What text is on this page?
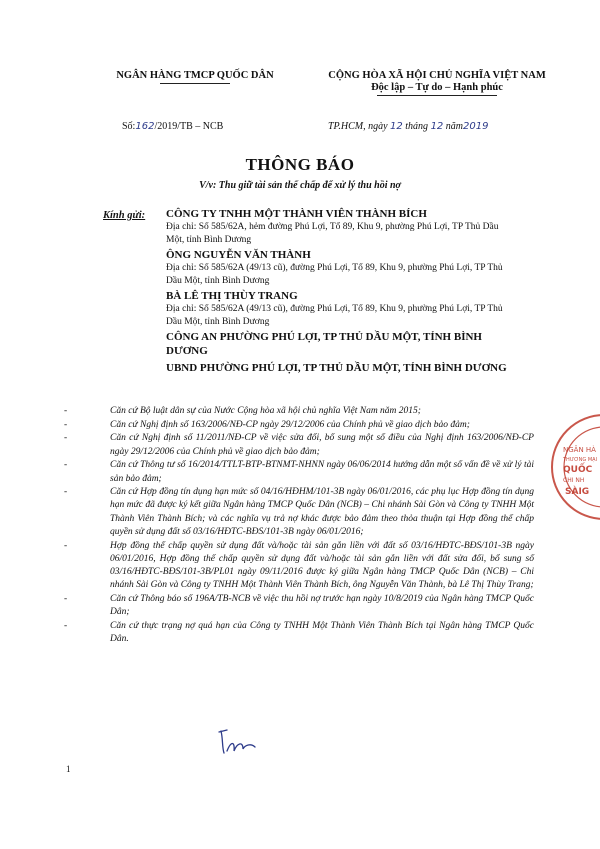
NGÂN HÀNG TMCP QUỐC DÂN	CỘNG HÒA XÃ HỘI CHỦ NGHĨA VIỆT NAM
Độc lập – Tự do – Hạnh phúc
Số:162/2019/TB – NCB	TP.HCM, ngày 12 tháng 12 năm2019
THÔNG BÁO
V/v: Thu giữ tài sản thế chấp để xử lý thu hồi nợ
Kính gửi: CÔNG TY TNHH MỘT THÀNH VIÊN THÀNH BÍCH
Địa chỉ: Số 585/62A, hẻm đường Phú Lợi, Tổ 89, Khu 9, phường Phú Lợi, TP Thủ Dầu Một, tỉnh Bình Dương
ÔNG NGUYỄN VĂN THÀNH
Địa chỉ: Số 585/62A (49/13 cũ), đường Phú Lợi, Tổ 89, Khu 9, phường Phú Lợi, TP Thủ Dầu Một, tỉnh Bình Dương
BÀ LÊ THỊ THÙY TRANG
Địa chỉ: Số 585/62A (49/13 cũ), đường Phú Lợi, Tổ 89, Khu 9, phường Phú Lợi, TP Thủ Dầu Một, tỉnh Bình Dương
CÔNG AN PHƯỜNG PHÚ LỢI, TP THỦ DẦU MỘT, TỈNH BÌNH DƯƠNG
UBND PHƯỜNG PHÚ LỢI, TP THỦ DẦU MỘT, TỈNH BÌNH DƯƠNG
- Căn cứ Bộ luật dân sự của Nước Cộng hòa xã hội chủ nghĩa Việt Nam năm 2015;
- Căn cứ Nghị định số 163/2006/NĐ-CP ngày 29/12/2006 của Chính phủ về giao dịch bảo đảm;
- Căn cứ Nghị định số 11/2011/NĐ-CP về việc sửa đổi, bổ sung một số điều của Nghị định 163/2006/NĐ-CP ngày 29/12/2006 của Chính phủ về giao dịch bảo đảm;
- Căn cứ Thông tư số 16/2014/TTLT-BTP-BTNMT-NHNN ngày 06/06/2014 hướng dẫn một số vấn đề về xử lý tài sản bảo đảm;
- Căn cứ Hợp đồng tín dụng hạn mức số 04/16/HĐHM/101-3B ngày 06/01/2016, các phụ lục Hợp đồng tín dụng hạn mức đã được ký kết giữa Ngân hàng TMCP Quốc Dân (NCB) – Chi nhánh Sài Gòn và Công ty TNHH Một Thành Viên Thành Bích; và các nghĩa vụ trả nợ khác được bảo đảm theo thỏa thuận tại Hợp đồng thế chấp quyền sử dụng đất số 03/16/HĐTC-BĐS/101-3B ngày 06/01/2016;
- Hợp đồng thế chấp quyền sử dụng đất và/hoặc tài sản gắn liền với đất số 03/16/HĐTC-BĐS/101-3B ngày 06/01/2016, Hợp đồng thế chấp quyền sử dụng đất và/hoặc tài sản gắn liền với đất sửa đổi, bổ sung số 03/16/HĐTC-BĐS/101-3B/PL01 ngày 09/11/2016 được ký giữa Ngân hàng TMCP Quốc Dân (NCB) – Chi nhánh Sài Gòn và Công ty TNHH Một Thành Viên Thành Bích, ông Nguyễn Văn Thành, bà Lê Thị Thùy Trang;
- Căn cứ Thông báo số 196A/TB-NCB về việc thu hồi nợ trước hạn ngày 10/8/2019 của Ngân hàng TMCP Quốc Dân;
- Căn cứ thực trạng nợ quá hạn của Công ty TNHH Một Thành Viên Thành Bích tại Ngân hàng TMCP Quốc Dân.
NGÂN HÀ
THƯƠNG MẠI
QUỐC
CHI NH
SÀIG
1
